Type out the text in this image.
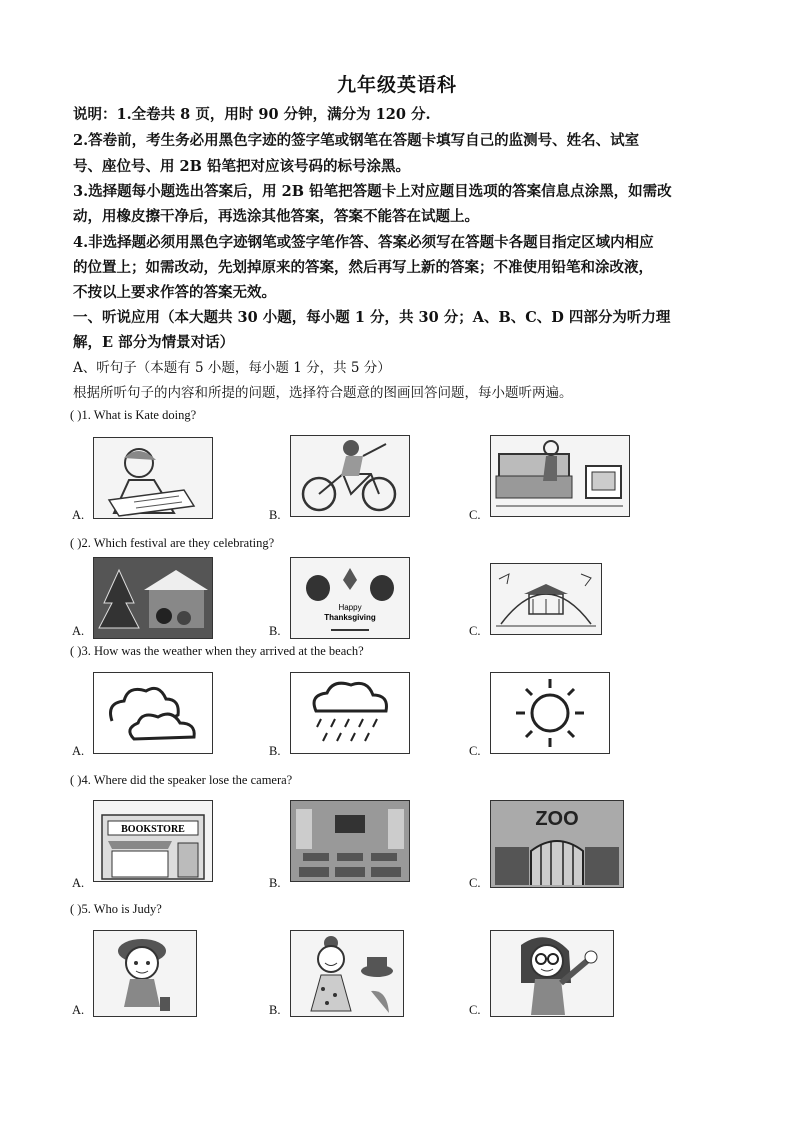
九年级英语科
说明：1.全卷共 8 页，用时 90 分钟，满分为 120 分.
2.答卷前，考生务必用黑色字迹的签字笔或钢笔在答题卡填写自己的监测号、姓名、试室
号、座位号、用 2B 铅笔把对应该号码的标号涂黑。
3.选择题每小题选出答案后，用 2B 铅笔把答题卡上对应题目选项的答案信息点涂黑，如需改
动，用橡皮擦干净后，再选涂其他答案，答案不能答在试题上。
4.非选择题必须用黑色字迹钢笔或签字笔作答、答案必须写在答题卡各题目指定区域内相应
的位置上；如需改动，先划掉原来的答案，然后再写上新的答案；不准使用铅笔和涂改液，
不按以上要求作答的答案无效。
一、听说应用（本大题共 30 小题，每小题 1 分，共 30 分；A、B、C、D 四部分为听力理
解，E 部分为情景对话）
A、听句子（本题有 5 小题，每小题 1 分，共 5 分）
根据所听句子的内容和所提的问题，选择符合题意的图画回答问题，每小题听两遍。
( )1. What is Kate doing?
A.	B.	C.
( )2. Which festival are they celebrating?
A.	B.
Happy
Thanksgiving
C.
( )3. How was the weather when they arrived at the beach?
A.	B.	C.
( )4. Where did the speaker lose the camera?
A.
BOOKSTORE
B.	C.
ZOO
( )5. Who is Judy?
A.	B.	C.
